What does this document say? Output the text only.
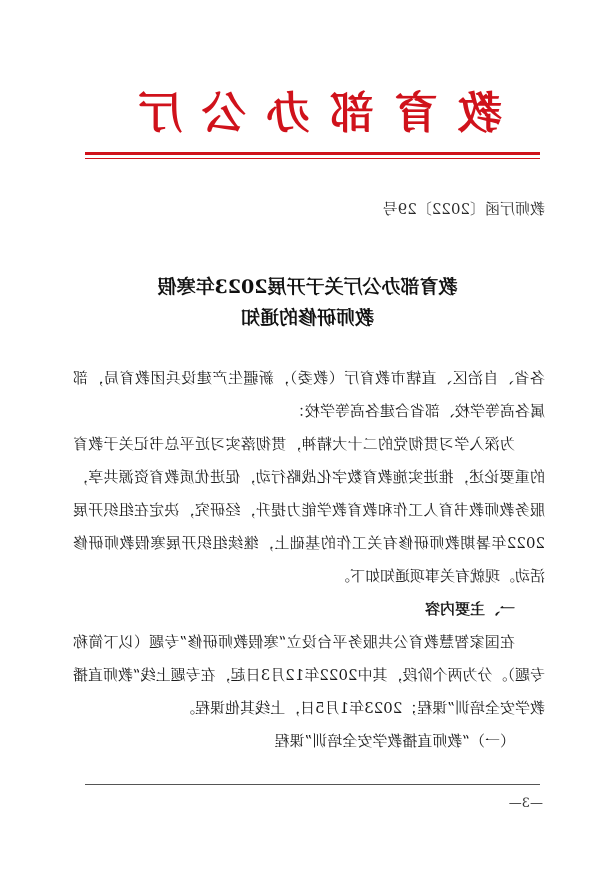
教育部办公厅
教师厅函〔2022〕29号
教育部办公厅关于开展2023年寒假
教师研修的通知

各省、自治区、直辖市教育厅（教委），新疆生产建设兵团教育局，部属各高等学校、部省合建各高等学校：

为深入学习贯彻党的二十大精神，贯彻落实习近平总书记关于教育的重要论述，推进实施教育数字化战略行动，促进优质教育资源共享，服务教师教书育人工作和教育教学能力提升，经研究，决定在组织开展2022年暑期教师研修有关工作的基础上，继续组织开展寒假教师研修活动。现就有关事项通知如下。

一、主要内容

在国家智慧教育公共服务平台设立“寒假教师研修”专题（以下简称专题）。分为两个阶段，其中2022年12月3日起，在专题上线“教师直播教学安全培训”课程；2023年1月5日，上线其他课程。

（一）“教师直播教学安全培训”课程

—3—
